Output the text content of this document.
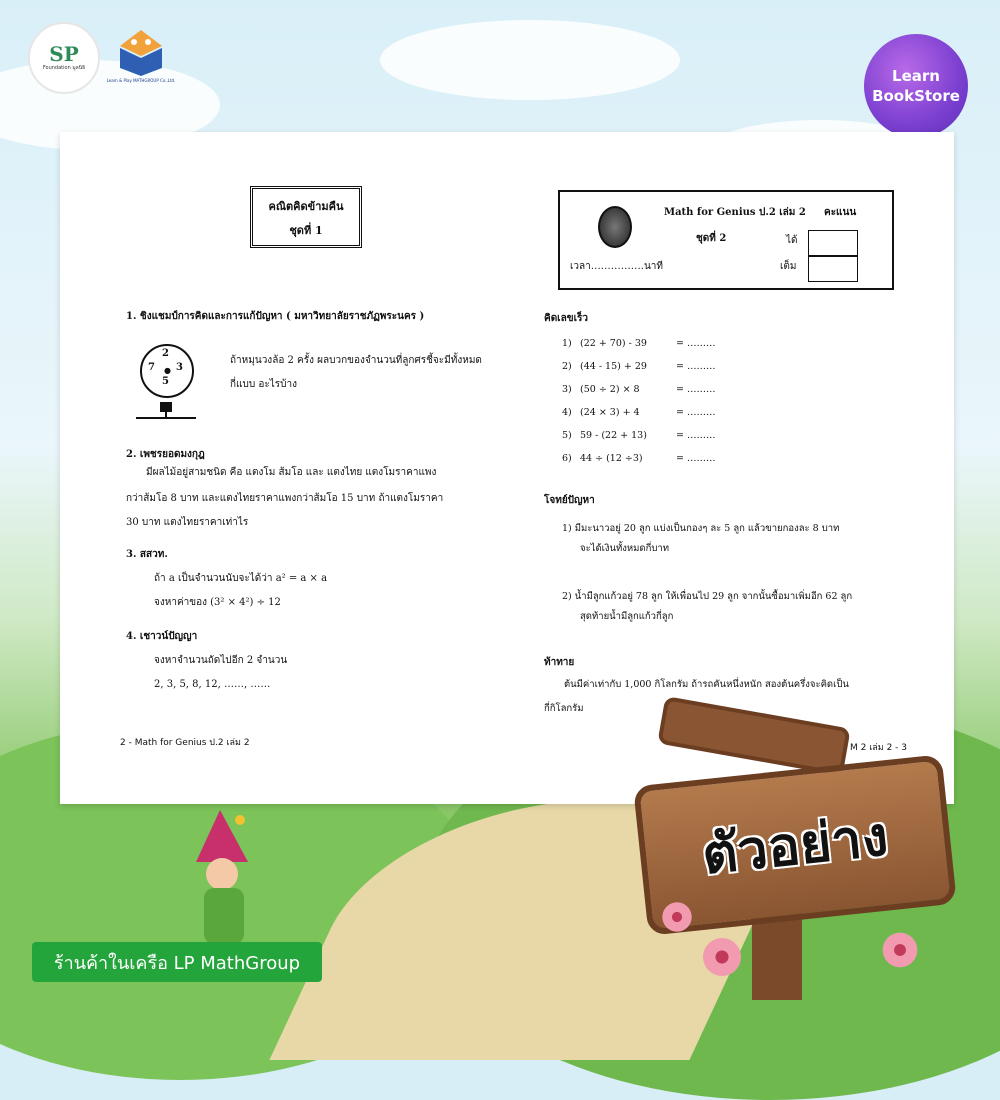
SP
Foundation มูลนิธิ
Learn & Play MATHGROUP Co.,Ltd.	Learn
BookStore
คณิตคิดข้ามคืน
ชุดที่ 1
1. ชิงแชมป์การคิดและการแก้ปัญหา ( มหาวิทยาลัยราชภัฏพระนคร )
2
7 3
5
●
ถ้าหมุนวงล้อ 2 ครั้ง ผลบวกของจำนวนที่ลูกศรชี้จะมีทั้งหมด
กี่แบบ อะไรบ้าง
2. เพชรยอดมงกุฎ
มีผลไม้อยู่สามชนิด คือ แตงโม ส้มโอ และ แตงไทย แตงโมราคาแพง
กว่าส้มโอ 8 บาท และแตงไทยราคาแพงกว่าส้มโอ 15 บาท ถ้าแตงโมราคา
30 บาท แตงไทยราคาเท่าไร
3. สสวท.
ถ้า a เป็นจำนวนนับจะได้ว่า a² = a × a
จงหาค่าของ (3² × 4²) ÷ 12
4. เชาวน์ปัญญา
จงหาจำนวนถัดไปอีก 2 จำนวน
2, 3, 5, 8, 12, ……, ……
2 - Math for Genius ป.2 เล่ม 2
Math for Genius ป.2 เล่ม 2 คะแนน
ชุดที่ 2	ได้
เต็ม
เวลา…………….นาที
คิดเลขเร็ว
1) (22 + 70) - 39	= ………
2) (44 - 15) + 29	= ………
3) (50 ÷ 2) × 8	= ………
4) (24 × 3) + 4	= ………
5) 59 - (22 + 13)	= ………
6) 44 ÷ (12 ÷3)	= ………
โจทย์ปัญหา
1) มีมะนาวอยู่ 20 ลูก แบ่งเป็นกองๆ ละ 5 ลูก แล้วขายกองละ 8 บาท
จะได้เงินทั้งหมดกี่บาท
2) น้ำมีลูกแก้วอยู่ 78 ลูก ให้เพื่อนไป 29 ลูก จากนั้นซื้อมาเพิ่มอีก 62 ลูก
สุดท้ายน้ำมีลูกแก้วกี่ลูก
ท้าทาย
ต้นมีค่าเท่ากับ 1,000 กิโลกรัม ถ้ารถคันหนึ่งหนัก สองต้นครึ่งจะคิดเป็น
กี่กิโลกรัม
M 2 เล่ม 2 - 3
ตัวอย่าง
ร้านค้าในเครือ LP MathGroup
